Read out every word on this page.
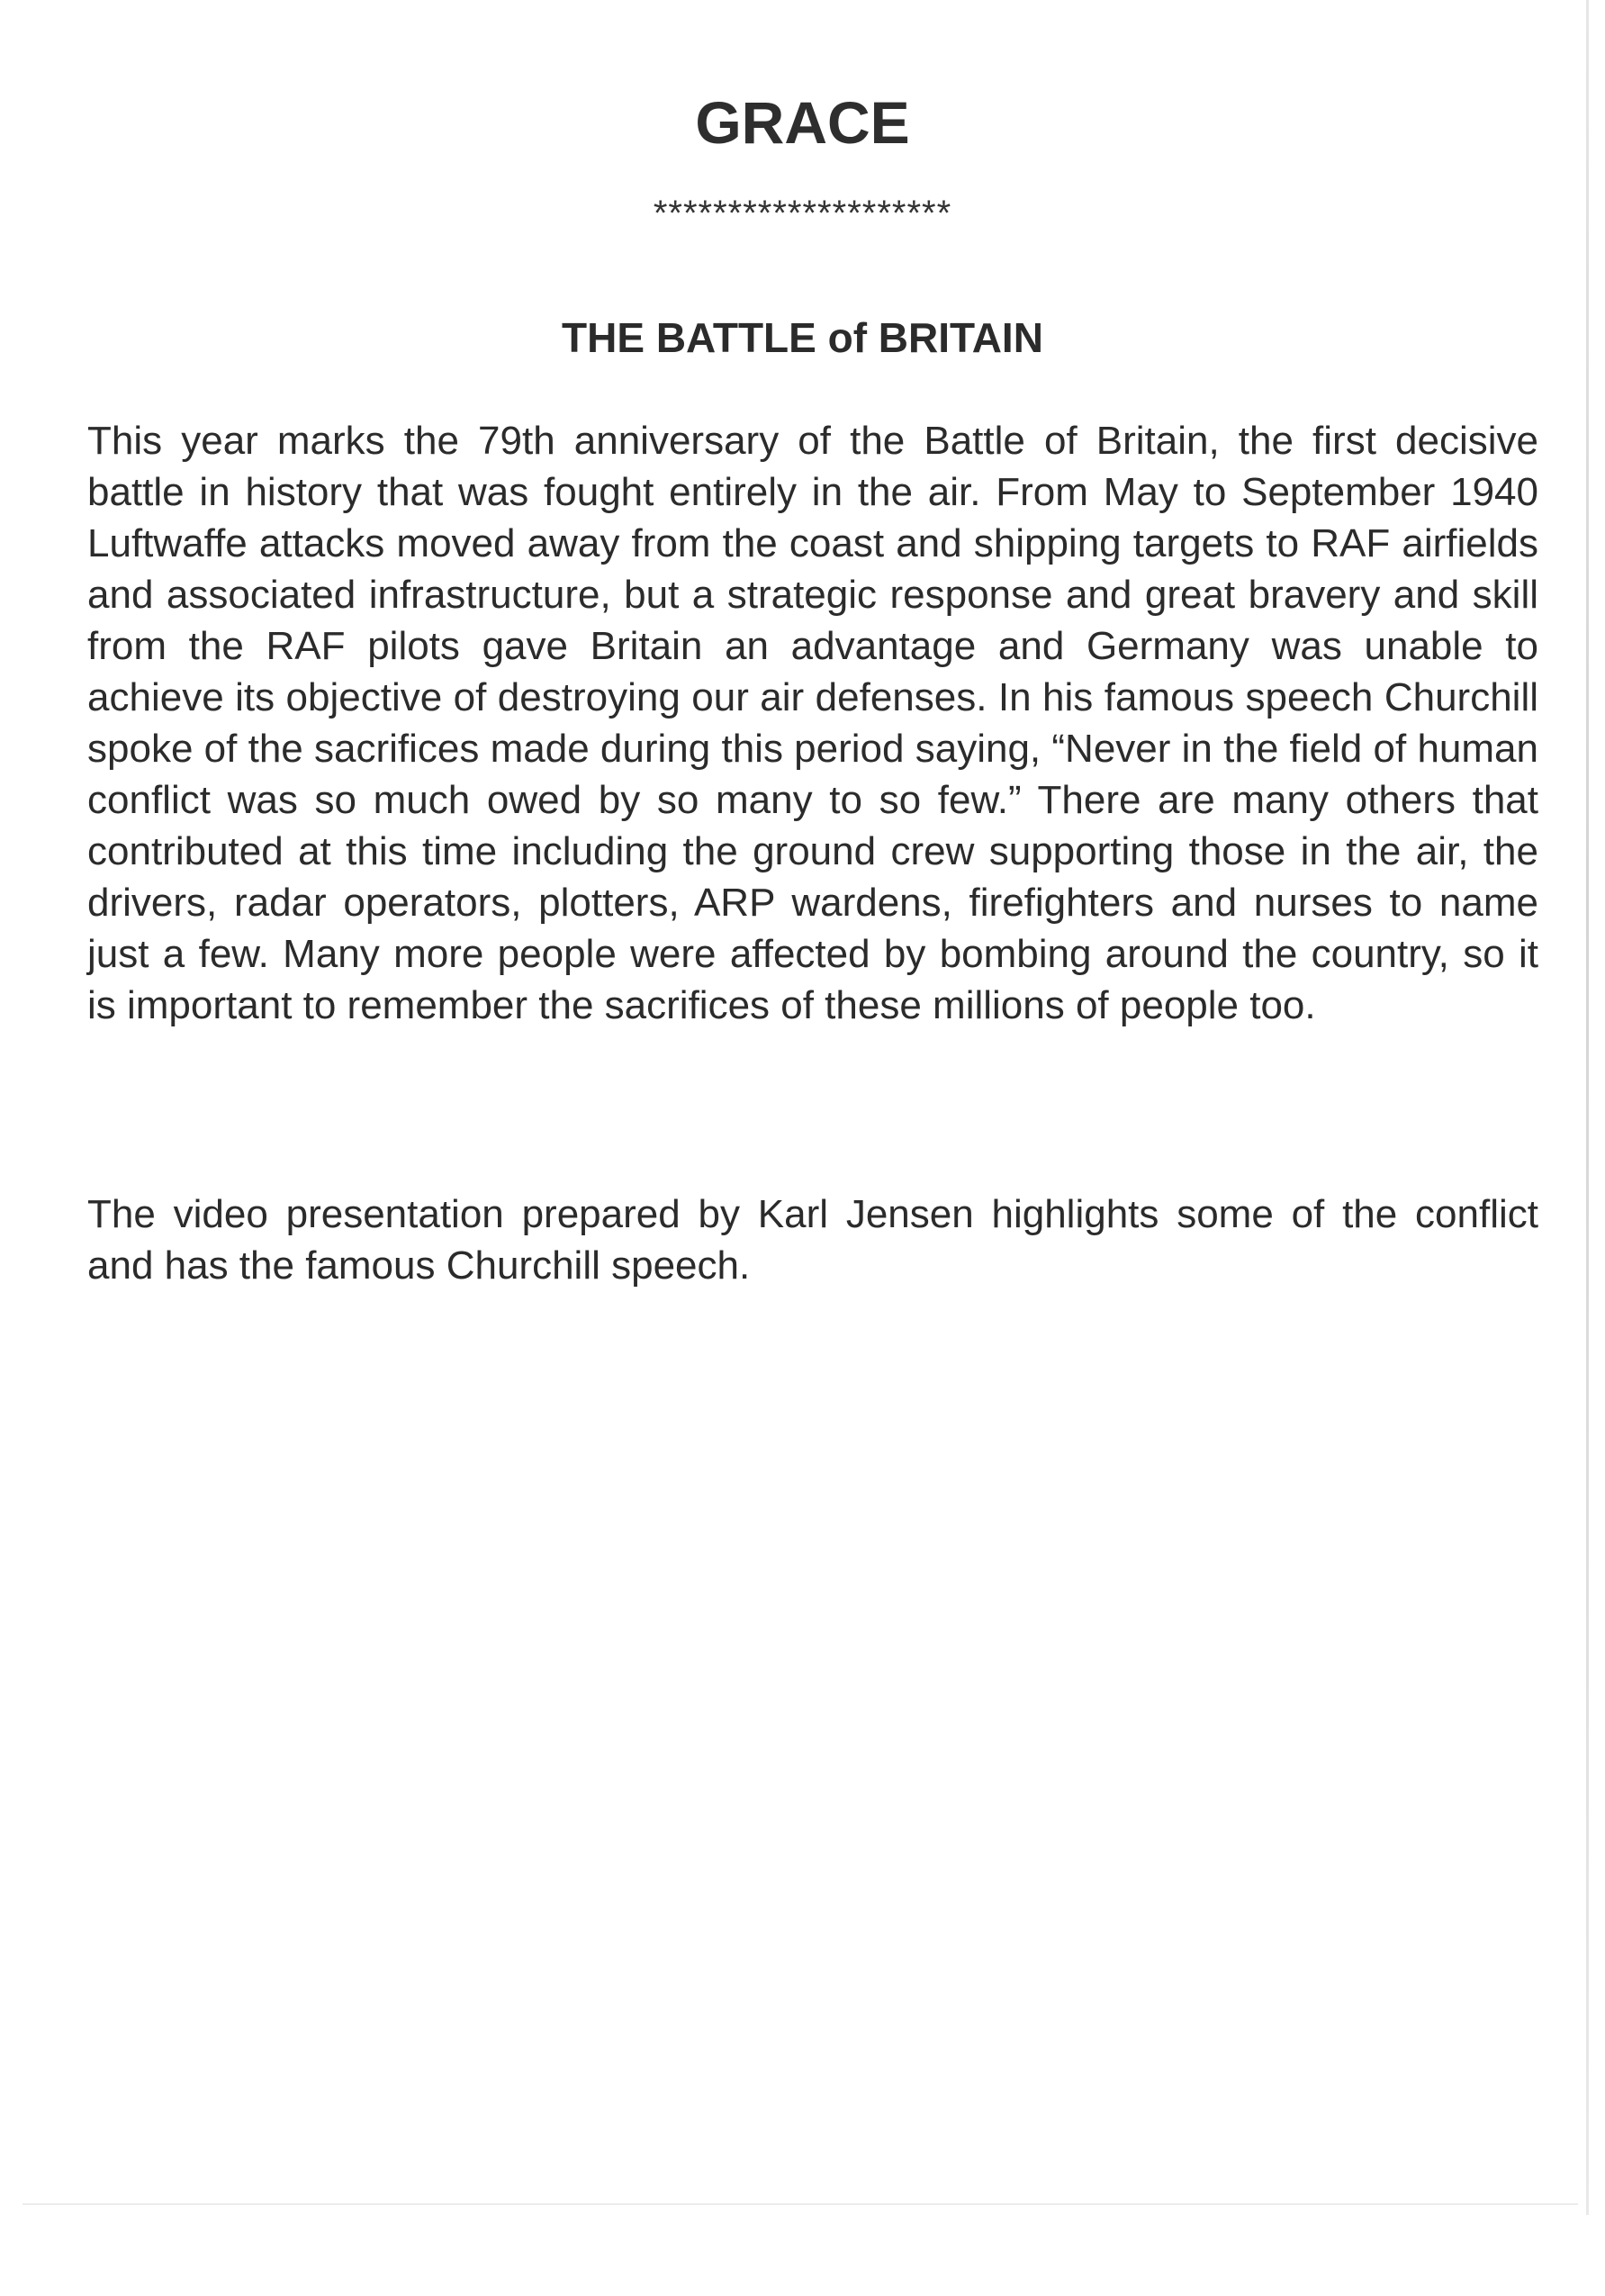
GRACE
********************
THE BATTLE of BRITAIN

This year marks the 79th anniversary of the Battle of Britain, the first decisive battle in history that was fought entirely in the air. From May to September 1940 Luftwaffe attacks moved away from the coast and shipping targets to RAF airfields and associated infrastructure, but a strategic response and great bravery and skill from the RAF pilots gave Britain an advantage and Germany was unable to achieve its objective of destroying our air defenses. In his famous speech Churchill spoke of the sacrifices made during this period saying, “Never in the field of human conflict was so much owed by so many to so few.” There are many others that contributed at this time including the ground crew supporting those in the air, the drivers, radar operators, plotters, ARP wardens, firefighters and nurses to name just a few. Many more people were affected by bombing around the country, so it is important to remember the sacrifices of these millions of people too.

The video presentation prepared by Karl Jensen highlights some of the conflict and has the famous Churchill speech.
